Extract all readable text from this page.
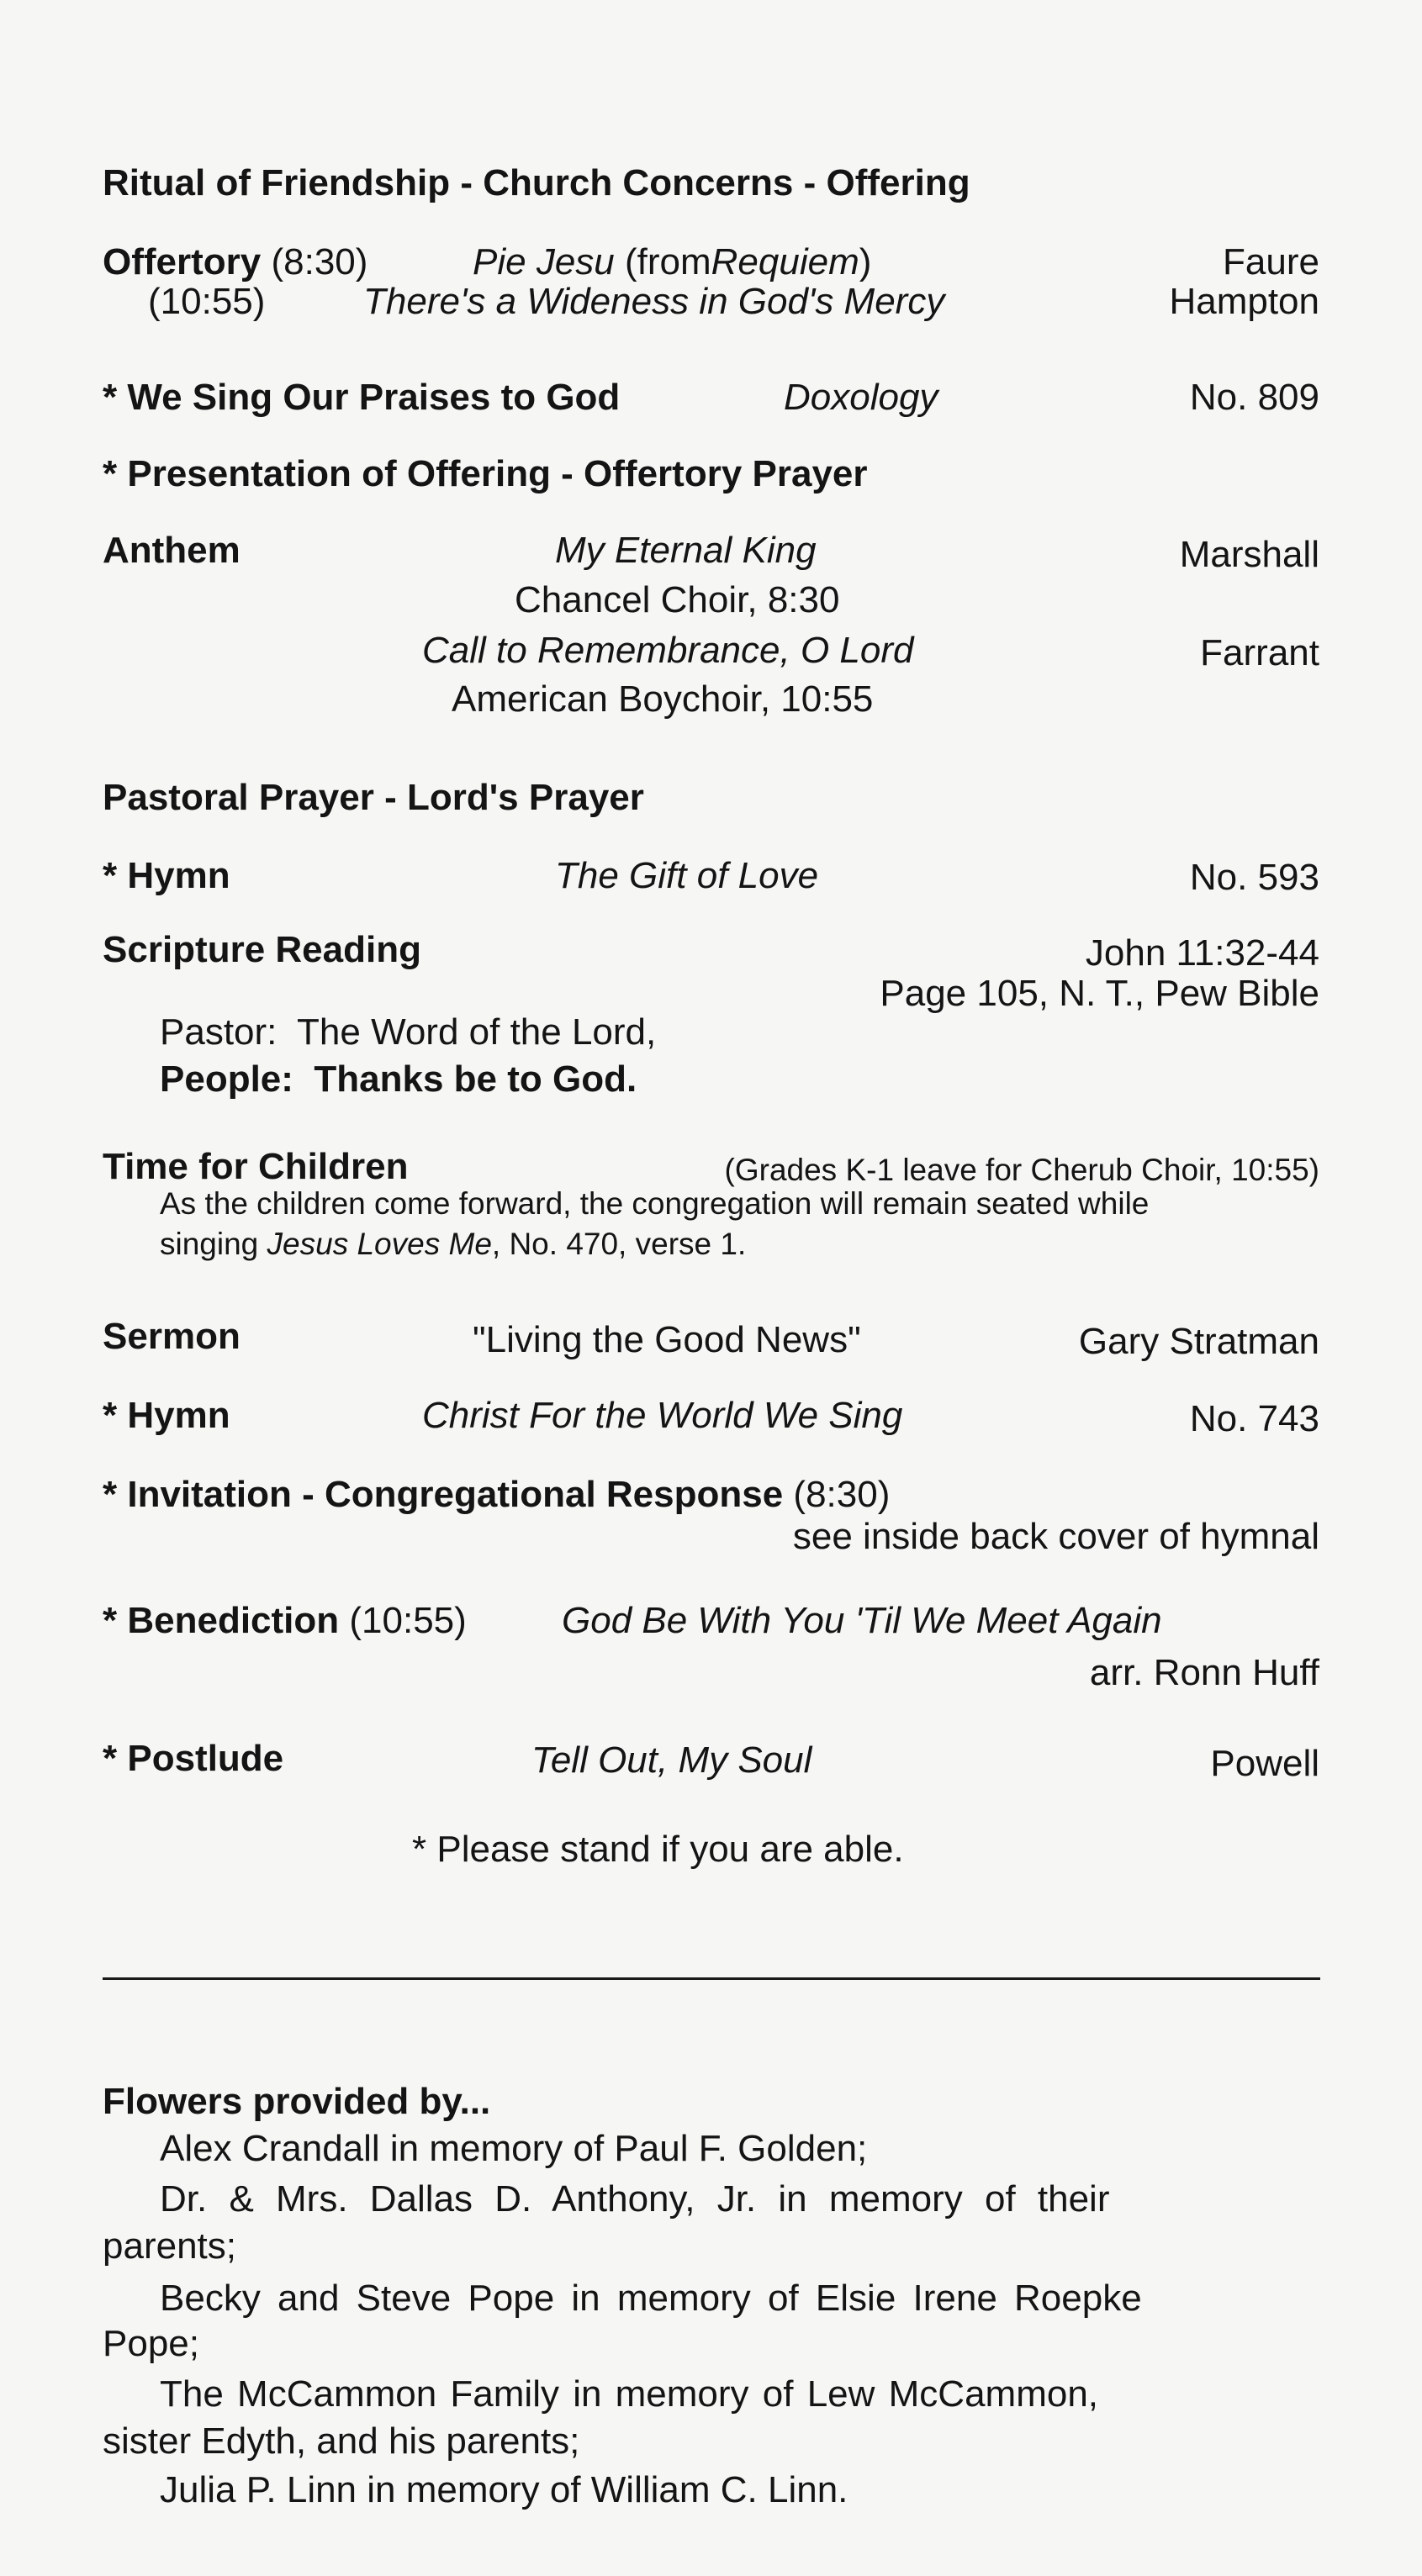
Ritual of Friendship - Church Concerns - Offering
Offertory (8:30)	Pie Jesu (fromRequiem)	Faure
(10:55)	There's a Wideness in God's Mercy	Hampton
* We Sing Our Praises to God	Doxology	No. 809
* Presentation of Offering - Offertory Prayer
Anthem	My Eternal King	Marshall
Chancel Choir, 8:30
Call to Remembrance, O Lord	Farrant
American Boychoir, 10:55
Pastoral Prayer - Lord's Prayer
* Hymn	The Gift of Love	No. 593
Scripture Reading	John 11:32-44
Page 105, N. T., Pew Bible
Pastor: The Word of the Lord,
People: Thanks be to God.
Time for Children	(Grades K-1 leave for Cherub Choir, 10:55)
As the children come forward, the congregation will remain seated while
singing Jesus Loves Me, No. 470, verse 1.
Sermon	"Living the Good News"	Gary Stratman
* Hymn	Christ For the World We Sing	No. 743
* Invitation - Congregational Response (8:30)
see inside back cover of hymnal
* Benediction (10:55)	God Be With You 'Til We Meet Again
arr. Ronn Huff
* Postlude	Tell Out, My Soul	Powell
* Please stand if you are able.
Flowers provided by...
Alex Crandall in memory of Paul F. Golden;
Dr. & Mrs. Dallas D. Anthony, Jr. in memory of their
parents;
Becky and Steve Pope in memory of Elsie Irene Roepke
Pope;
The McCammon Family in memory of Lew McCammon,
sister Edyth, and his parents;
Julia P. Linn in memory of William C. Linn.
